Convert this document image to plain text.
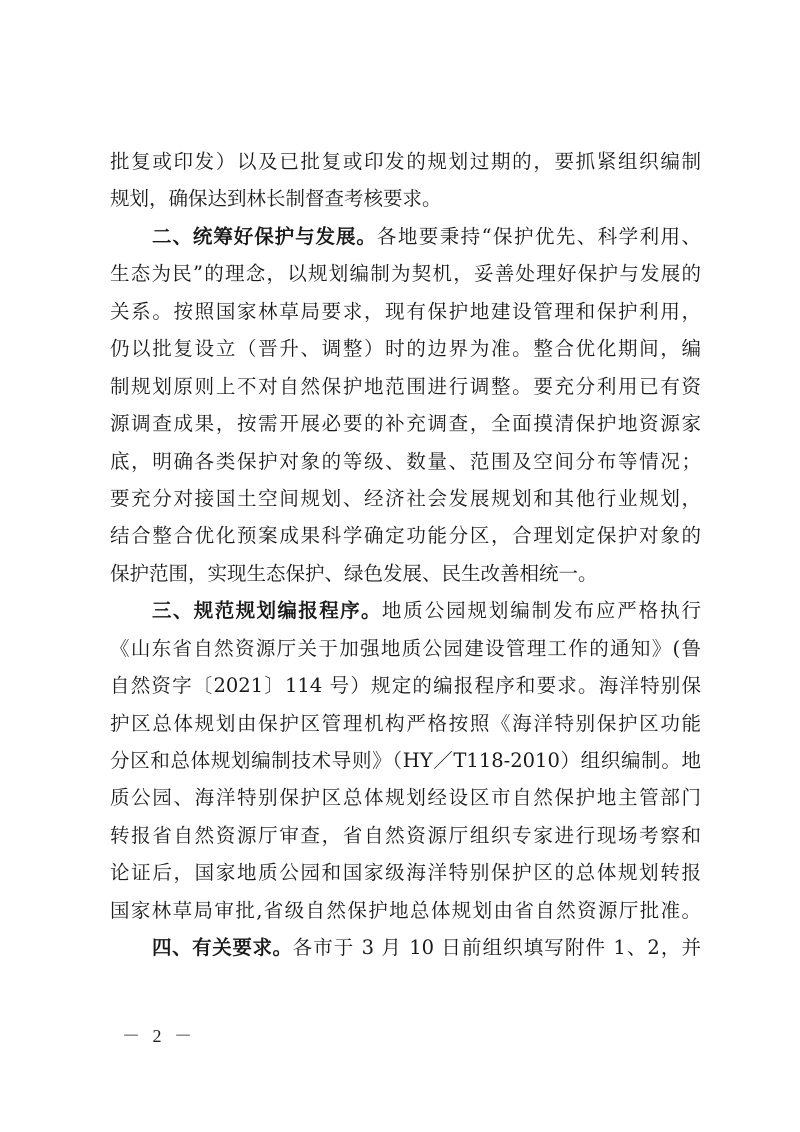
批复或印发）以及已批复或印发的规划过期的，要抓紧组织编制
规划，确保达到林长制督查考核要求。
二、统筹好保护与发展。各地要秉持“保护优先、科学利用、
生态为民”的理念，以规划编制为契机，妥善处理好保护与发展的
关系。按照国家林草局要求，现有保护地建设管理和保护利用，
仍以批复设立（晋升、调整）时的边界为准。整合优化期间，编
制规划原则上不对自然保护地范围进行调整。要充分利用已有资
源调查成果，按需开展必要的补充调查，全面摸清保护地资源家
底，明确各类保护对象的等级、数量、范围及空间分布等情况；
要充分对接国土空间规划、经济社会发展规划和其他行业规划，
结合整合优化预案成果科学确定功能分区，合理划定保护对象的
保护范围，实现生态保护、绿色发展、民生改善相统一。
三、规范规划编报程序。地质公园规划编制发布应严格执行
《山东省自然资源厅关于加强地质公园建设管理工作的通知》(鲁
自然资字〔2021〕114 号）规定的编报程序和要求。海洋特别保
护区总体规划由保护区管理机构严格按照《海洋特别保护区功能
分区和总体规划编制技术导则》（HY／T118-2010）组织编制。地
质公园、海洋特别保护区总体规划经设区市自然保护地主管部门
转报省自然资源厅审查，省自然资源厅组织专家进行现场考察和
论证后，国家地质公园和国家级海洋特别保护区的总体规划转报
国家林草局审批,省级自然保护地总体规划由省自然资源厅批准。
四、有关要求。各市于 3 月 10 日前组织填写附件 1、2，并
－ 2 －
